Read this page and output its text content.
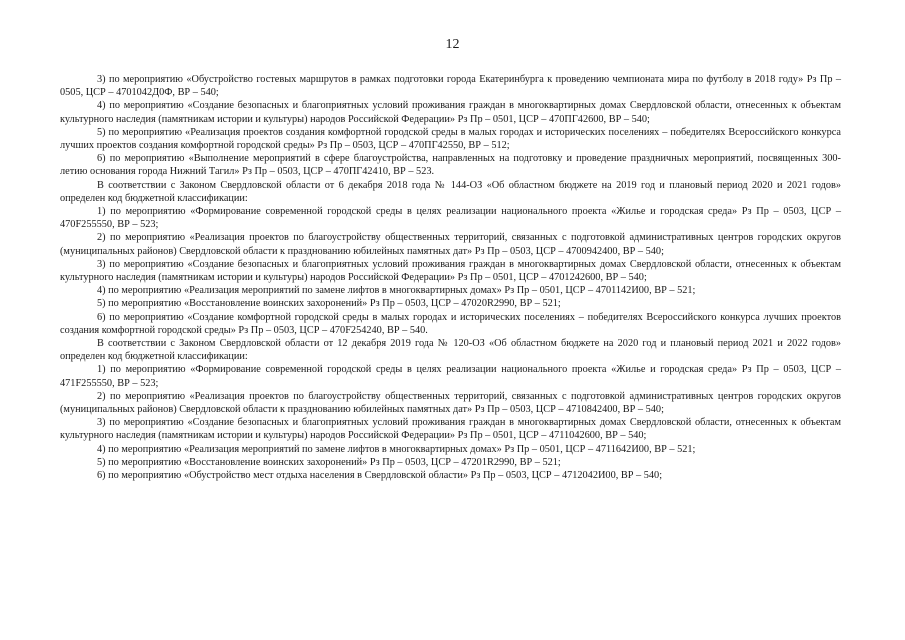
12

3) по мероприятию «Обустройство гостевых маршрутов в рамках подготовки города Екатеринбурга к проведению чемпионата мира по футболу в 2018 году» Рз Пр – 0505, ЦСР – 4701042Д0Ф, ВР – 540;

4) по мероприятию «Создание безопасных и благоприятных условий проживания граждан в многоквартирных домах Свердловской области, отнесенных к объектам культурного наследия (памятникам истории и культуры) народов Российской Федерации» Рз Пр – 0501, ЦСР – 470ПГ42600, ВР – 540;

5) по мероприятию «Реализация проектов создания комфортной городской среды в малых городах и исторических поселениях – победителях Всероссийского конкурса лучших проектов создания комфортной городской среды» Рз Пр – 0503, ЦСР – 470ПГ42550, ВР – 512;

6) по мероприятию «Выполнение мероприятий в сфере благоустройства, направленных на подготовку и проведение праздничных мероприятий, посвященных 300-летию основания города Нижний Тагил» Рз Пр – 0503, ЦСР – 470ПГ42410, ВР – 523.

В соответствии с Законом Свердловской области от 6 декабря 2018 года № 144-ОЗ «Об областном бюджете на 2019 год и плановый период 2020 и 2021 годов» определен код бюджетной классификации:

1) по мероприятию «Формирование современной городской среды в целях реализации национального проекта «Жилье и городская среда» Рз Пр – 0503, ЦСР – 470F255550, ВР – 523;

2) по мероприятию «Реализация проектов по благоустройству общественных территорий, связанных с подготовкой административных центров городских округов (муниципальных районов) Свердловской области к празднованию юбилейных памятных дат» Рз Пр – 0503, ЦСР – 4700942400, ВР – 540;

3) по мероприятию «Создание безопасных и благоприятных условий проживания граждан в многоквартирных домах Свердловской области, отнесенных к объектам культурного наследия (памятникам истории и культуры) народов Российской Федерации» Рз Пр – 0501, ЦСР – 4701242600, ВР – 540;

4) по мероприятию «Реализация мероприятий по замене лифтов в многоквартирных домах» Рз Пр – 0501, ЦСР – 4701142И00, ВР – 521;

5) по мероприятию «Восстановление воинских захоронений» Рз Пр – 0503, ЦСР – 47020R2990, ВР – 521;

6) по мероприятию «Создание комфортной городской среды в малых городах и исторических поселениях – победителях Всероссийского конкурса лучших проектов создания комфортной городской среды» Рз Пр – 0503, ЦСР – 470F254240, ВР – 540.

В соответствии с Законом Свердловской области от 12 декабря 2019 года № 120-ОЗ «Об областном бюджете на 2020 год и плановый период 2021 и 2022 годов» определен код бюджетной классификации:

1) по мероприятию «Формирование современной городской среды в целях реализации национального проекта «Жилье и городская среда» Рз Пр – 0503, ЦСР – 471F255550, ВР – 523;

2) по мероприятию «Реализация проектов по благоустройству общественных территорий, связанных с подготовкой административных центров городских округов (муниципальных районов) Свердловской области к празднованию юбилейных памятных дат» Рз Пр – 0503, ЦСР – 4710842400, ВР – 540;

3) по мероприятию «Создание безопасных и благоприятных условий проживания граждан в многоквартирных домах Свердловской области, отнесенных к объектам культурного наследия (памятникам истории и культуры) народов Российской Федерации» Рз Пр – 0501, ЦСР – 4711042600, ВР – 540;

4) по мероприятию «Реализация мероприятий по замене лифтов в многоквартирных домах» Рз Пр – 0501, ЦСР – 4711642И00, ВР – 521;

5) по мероприятию «Восстановление воинских захоронений» Рз Пр – 0503, ЦСР – 47201R2990, ВР – 521;

6) по мероприятию «Обустройство мест отдыха населения в Свердловской области» Рз Пр – 0503, ЦСР – 4712042И00, ВР – 540;
